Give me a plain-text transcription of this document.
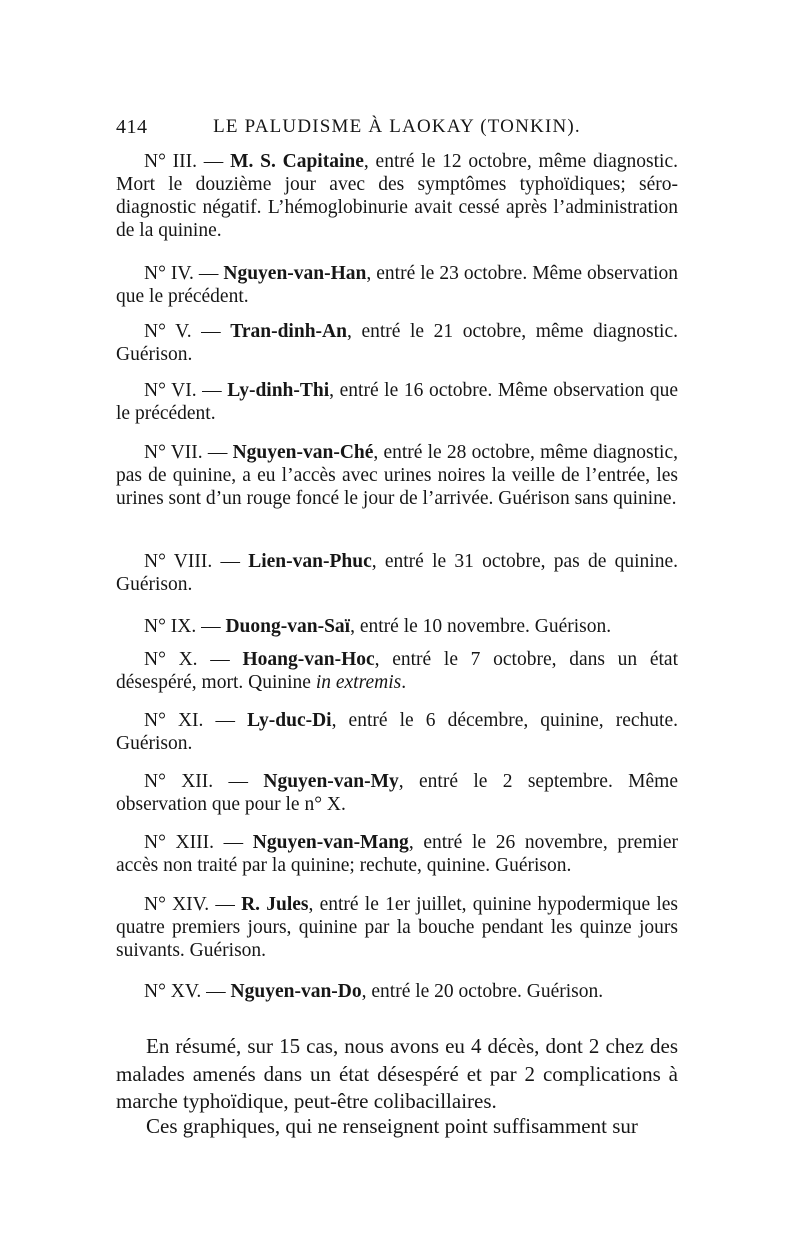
414	LE PALUDISME À LAOKAY (TONKIN).

N° III. — M. S. Capitaine, entré le 12 octobre, même diagnostic. Mort le douzième jour avec des symptômes typhoïdiques; séro-diagnostic négatif. L’hémoglobinurie avait cessé après l’administration de la quinine.

N° IV. — Nguyen-van-Han, entré le 23 octobre. Même observation que le précédent.

N° V. — Tran-dinh-An, entré le 21 octobre, même diagnostic. Guérison.

N° VI. — Ly-dinh-Thi, entré le 16 octobre. Même observation que le précédent.

N° VII. — Nguyen-van-Ché, entré le 28 octobre, même diagnostic, pas de quinine, a eu l’accès avec urines noires la veille de l’entrée, les urines sont d’un rouge foncé le jour de l’arrivée. Guérison sans quinine.

N° VIII. — Lien-van-Phuc, entré le 31 octobre, pas de quinine. Guérison.

N° IX. — Duong-van-Saï, entré le 10 novembre. Guérison.

N° X. — Hoang-van-Hoc, entré le 7 octobre, dans un état désespéré, mort. Quinine in extremis.

N° XI. — Ly-duc-Di, entré le 6 décembre, quinine, rechute. Guérison.

N° XII. — Nguyen-van-My, entré le 2 septembre. Même observation que pour le n° X.

N° XIII. — Nguyen-van-Mang, entré le 26 novembre, premier accès non traité par la quinine; rechute, quinine. Guérison.

N° XIV. — R. Jules, entré le 1er juillet, quinine hypodermique les quatre premiers jours, quinine par la bouche pendant les quinze jours suivants. Guérison.

N° XV. — Nguyen-van-Do, entré le 20 octobre. Guérison.

En résumé, sur 15 cas, nous avons eu 4 décès, dont 2 chez des malades amenés dans un état désespéré et par 2 complications à marche typhoïdique, peut-être colibacillaires.

Ces graphiques, qui ne renseignent point suffisamment sur
